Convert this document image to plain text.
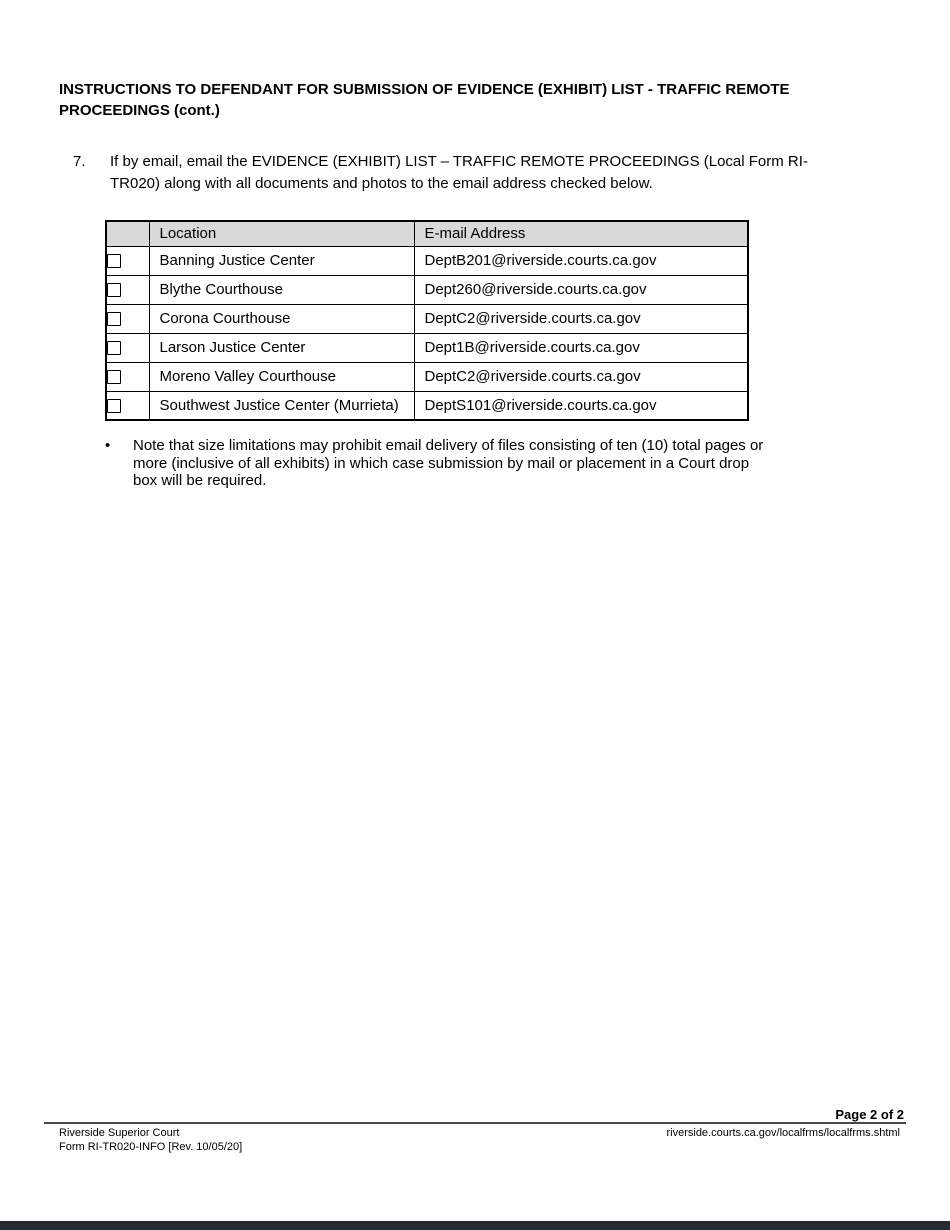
INSTRUCTIONS TO DEFENDANT FOR SUBMISSION OF EVIDENCE (EXHIBIT) LIST - TRAFFIC REMOTE PROCEEDINGS (cont.)
7.	If by email, email the EVIDENCE (EXHIBIT) LIST – TRAFFIC REMOTE PROCEEDINGS (Local Form RI-TR020) along with all documents and photos to the email address checked below.
	Location	E-mail Address
	Banning Justice Center	DeptB201@riverside.courts.ca.gov
	Blythe Courthouse	Dept260@riverside.courts.ca.gov
	Corona Courthouse	DeptC2@riverside.courts.ca.gov
	Larson Justice Center	Dept1B@riverside.courts.ca.gov
	Moreno Valley Courthouse	DeptC2@riverside.courts.ca.gov
	Southwest Justice Center (Murrieta)	DeptS101@riverside.courts.ca.gov
•	Note that size limitations may prohibit email delivery of files consisting of ten (10) total pages or more (inclusive of all exhibits) in which case submission by mail or placement in a Court drop box will be required.
Page 2 of 2
Riverside Superior Court
Form RI-TR020-INFO [Rev. 10/05/20]
riverside.courts.ca.gov/localfrms/localfrms.shtml
